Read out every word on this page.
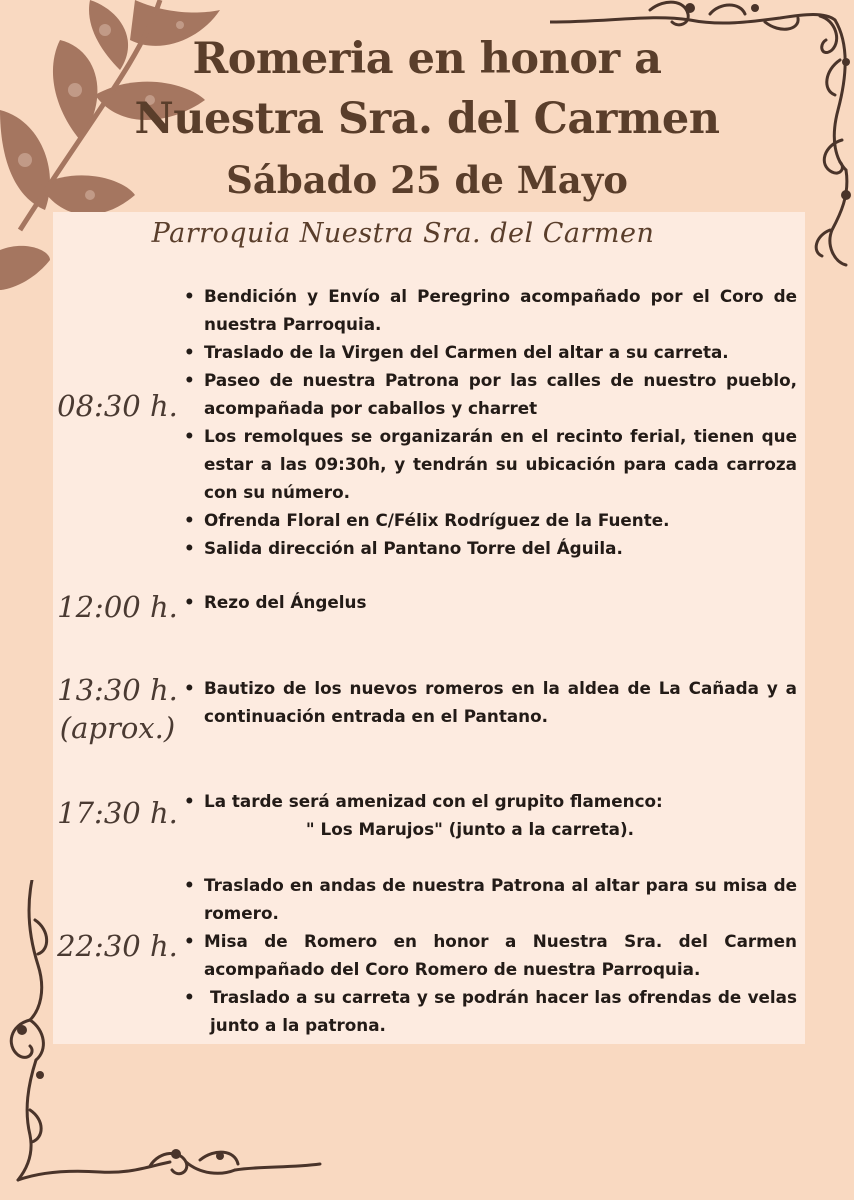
Romeria en honor a
Nuestra Sra. del Carmen
Sábado 25 de Mayo
Parroquia Nuestra Sra. del Carmen
08:30 h.
• Bendición y Envío al Peregrino acompañado por el Coro de nuestra Parroquia.
• Traslado de la Virgen del Carmen del altar a su carreta.
• Paseo de nuestra Patrona por las calles de nuestro pueblo, acompañada por caballos y charret
• Los remolques se organizarán en el recinto ferial, tienen que estar a las 09:30h, y tendrán su ubicación para cada carroza con su número.
• Ofrenda Floral en C/Félix Rodríguez de la Fuente.
• Salida dirección al Pantano Torre del Águila.
12:00 h.	• Rezo del Ángelus
13:30 h.
(aprox.)
• Bautizo de los nuevos romeros en la aldea de La Cañada y a continuación entrada en el Pantano.
17:30 h.	• La tarde será amenizad con el grupito flamenco:
" Los Marujos" (junto a la carreta).
22:30 h.
• Traslado en andas de nuestra Patrona al altar para su misa de romero.
• Misa de Romero en honor a Nuestra Sra. del Carmen acompañado del Coro Romero de nuestra Parroquia.
• Traslado a su carreta y se podrán hacer las ofrendas de velas junto a la patrona.
